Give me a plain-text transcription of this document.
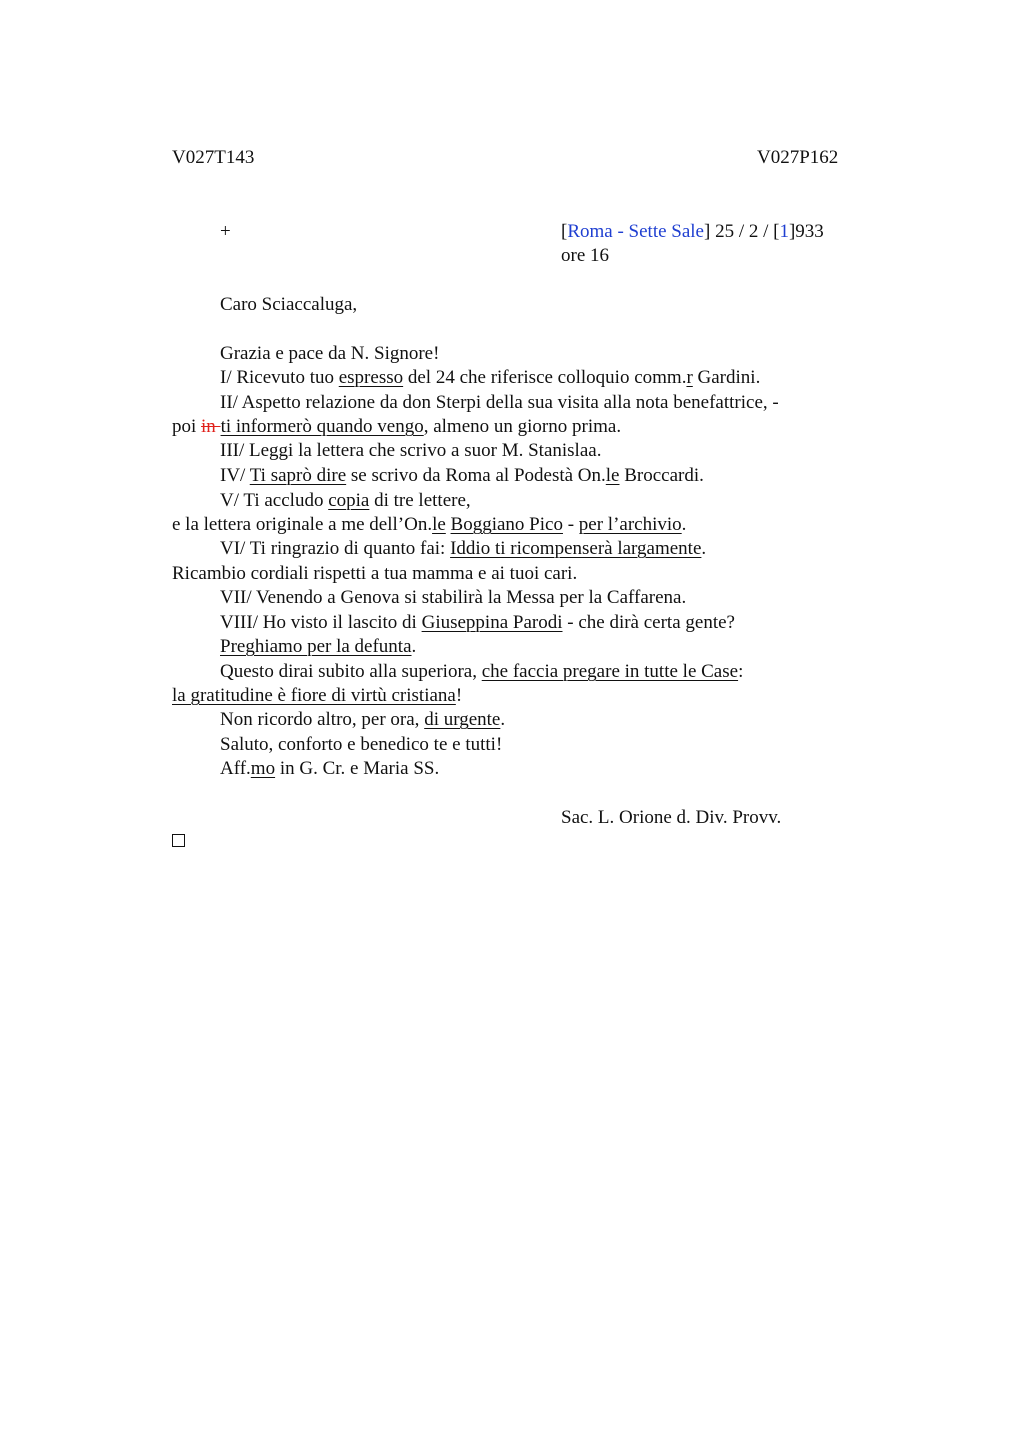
V027T143	V027P162
+	[Roma - Sette Sale] 25 / 2 / [1]933
ore 16
Caro Sciaccaluga,
Grazia e pace da N. Signore!
I/ Ricevuto tuo espresso del 24 che riferisce colloquio comm.r Gardini.
II/ Aspetto relazione da don Sterpi della sua visita alla nota benefattrice, -
poi in ti informerò quando vengo, almeno un giorno prima.
III/ Leggi la lettera che scrivo a suor M. Stanislaa.
IV/ Ti saprò dire se scrivo da Roma al Podestà On.le Broccardi.
V/ Ti accludo copia di tre lettere,
e la lettera originale a me dell’On.le Boggiano Pico - per l’archivio.
VI/ Ti ringrazio di quanto fai: Iddio ti ricompenserà largamente.
Ricambio cordiali rispetti a tua mamma e ai tuoi cari.
VII/ Venendo a Genova si stabilirà la Messa per la Caffarena.
VIII/ Ho visto il lascito di Giuseppina Parodi - che dirà certa gente?
Preghiamo per la defunta.
Questo dirai subito alla superiora, che faccia pregare in tutte le Case:
la gratitudine è fiore di virtù cristiana!
Non ricordo altro, per ora, di urgente.
Saluto, conforto e benedico te e tutti!
Aff.mo in G. Cr. e Maria SS.
Sac. L. Orione d. Div. Provv.
